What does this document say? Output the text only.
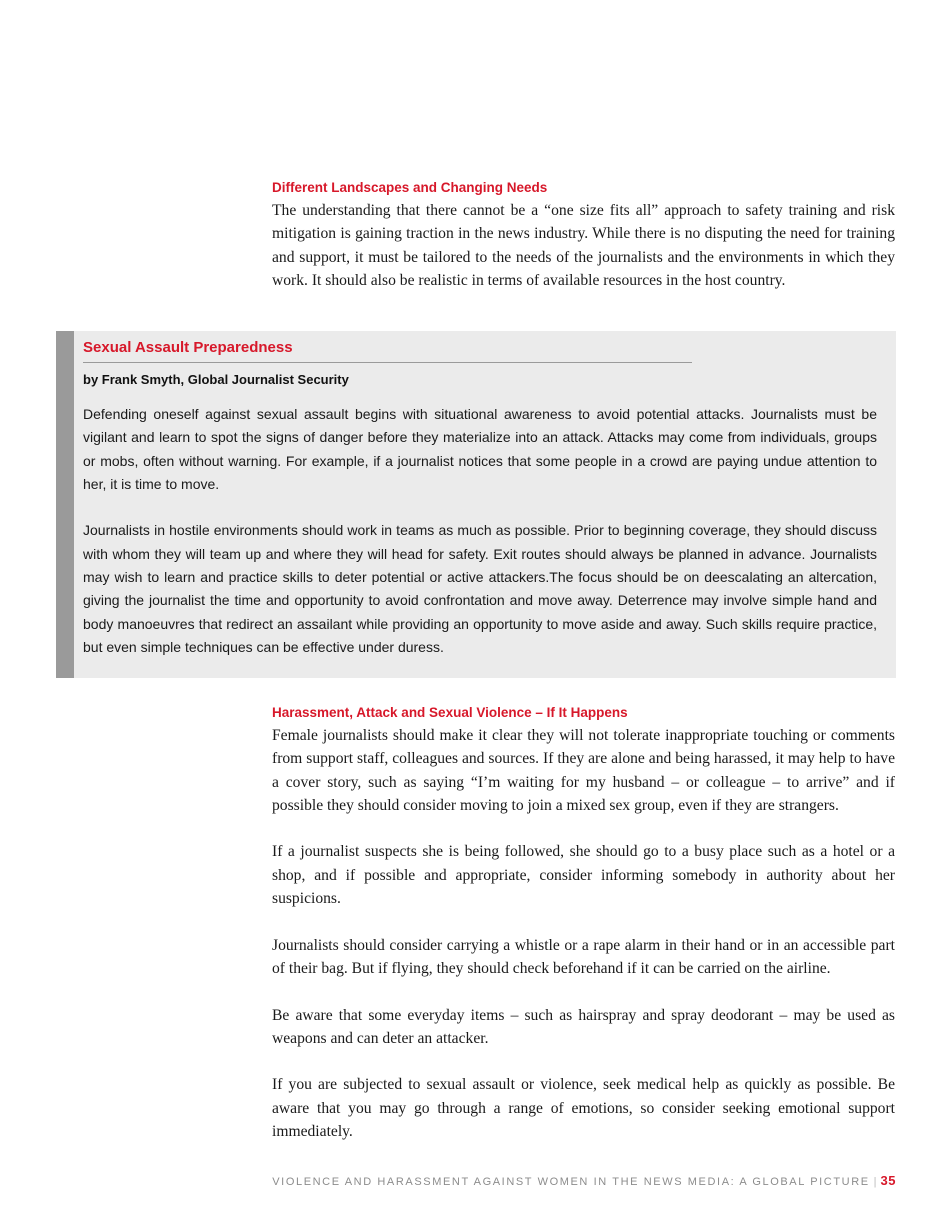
Different Landscapes and Changing Needs

The understanding that there cannot be a “one size fits all” approach to safety training and risk mitigation is gaining traction in the news industry. While there is no disputing the need for training and support, it must be tailored to the needs of the journalists and the environments in which they work. It should also be realistic in terms of available resources in the host country.

Sexual Assault Preparedness

by Frank Smyth, Global Journalist Security

Defending oneself against sexual assault begins with situational awareness to avoid potential attacks. Journalists must be vigilant and learn to spot the signs of danger before they materialize into an attack. Attacks may come from individuals, groups or mobs, often without warning. For example, if a journalist notices that some people in a crowd are paying undue attention to her, it is time to move.

Journalists in hostile environments should work in teams as much as possible. Prior to beginning coverage, they should discuss with whom they will team up and where they will head for safety. Exit routes should always be planned in advance. Journalists may wish to learn and practice skills to deter potential or active attackers.The focus should be on deescalating an altercation, giving the journalist the time and opportunity to avoid confrontation and move away. Deterrence may involve simple hand and body manoeuvres that redirect an assailant while providing an opportunity to move aside and away. Such skills require practice, but even simple techniques can be effective under duress.

Harassment, Attack and Sexual Violence – If It Happens

Female journalists should make it clear they will not tolerate inappropriate touching or comments from support staff, colleagues and sources. If they are alone and being harassed, it may help to have a cover story, such as saying “I’m waiting for my husband – or colleague – to arrive” and if possible they should consider moving to join a mixed sex group, even if they are strangers.

If a journalist suspects she is being followed, she should go to a busy place such as a hotel or a shop, and if possible and appropriate, consider informing somebody in authority about her suspicions.

Journalists should consider carrying a whistle or a rape alarm in their hand or in an accessible part of their bag. But if flying, they should check beforehand if it can be carried on the airline.

Be aware that some everyday items – such as hairspray and spray deodorant – may be used as weapons and can deter an attacker.

If you are subjected to sexual assault or violence, seek medical help as quickly as possible. Be aware that you may go through a range of emotions, so consider seeking emotional support immediately.

VIOLENCE AND HARASSMENT AGAINST WOMEN IN THE NEWS MEDIA: A GLOBAL PICTURE | 35
